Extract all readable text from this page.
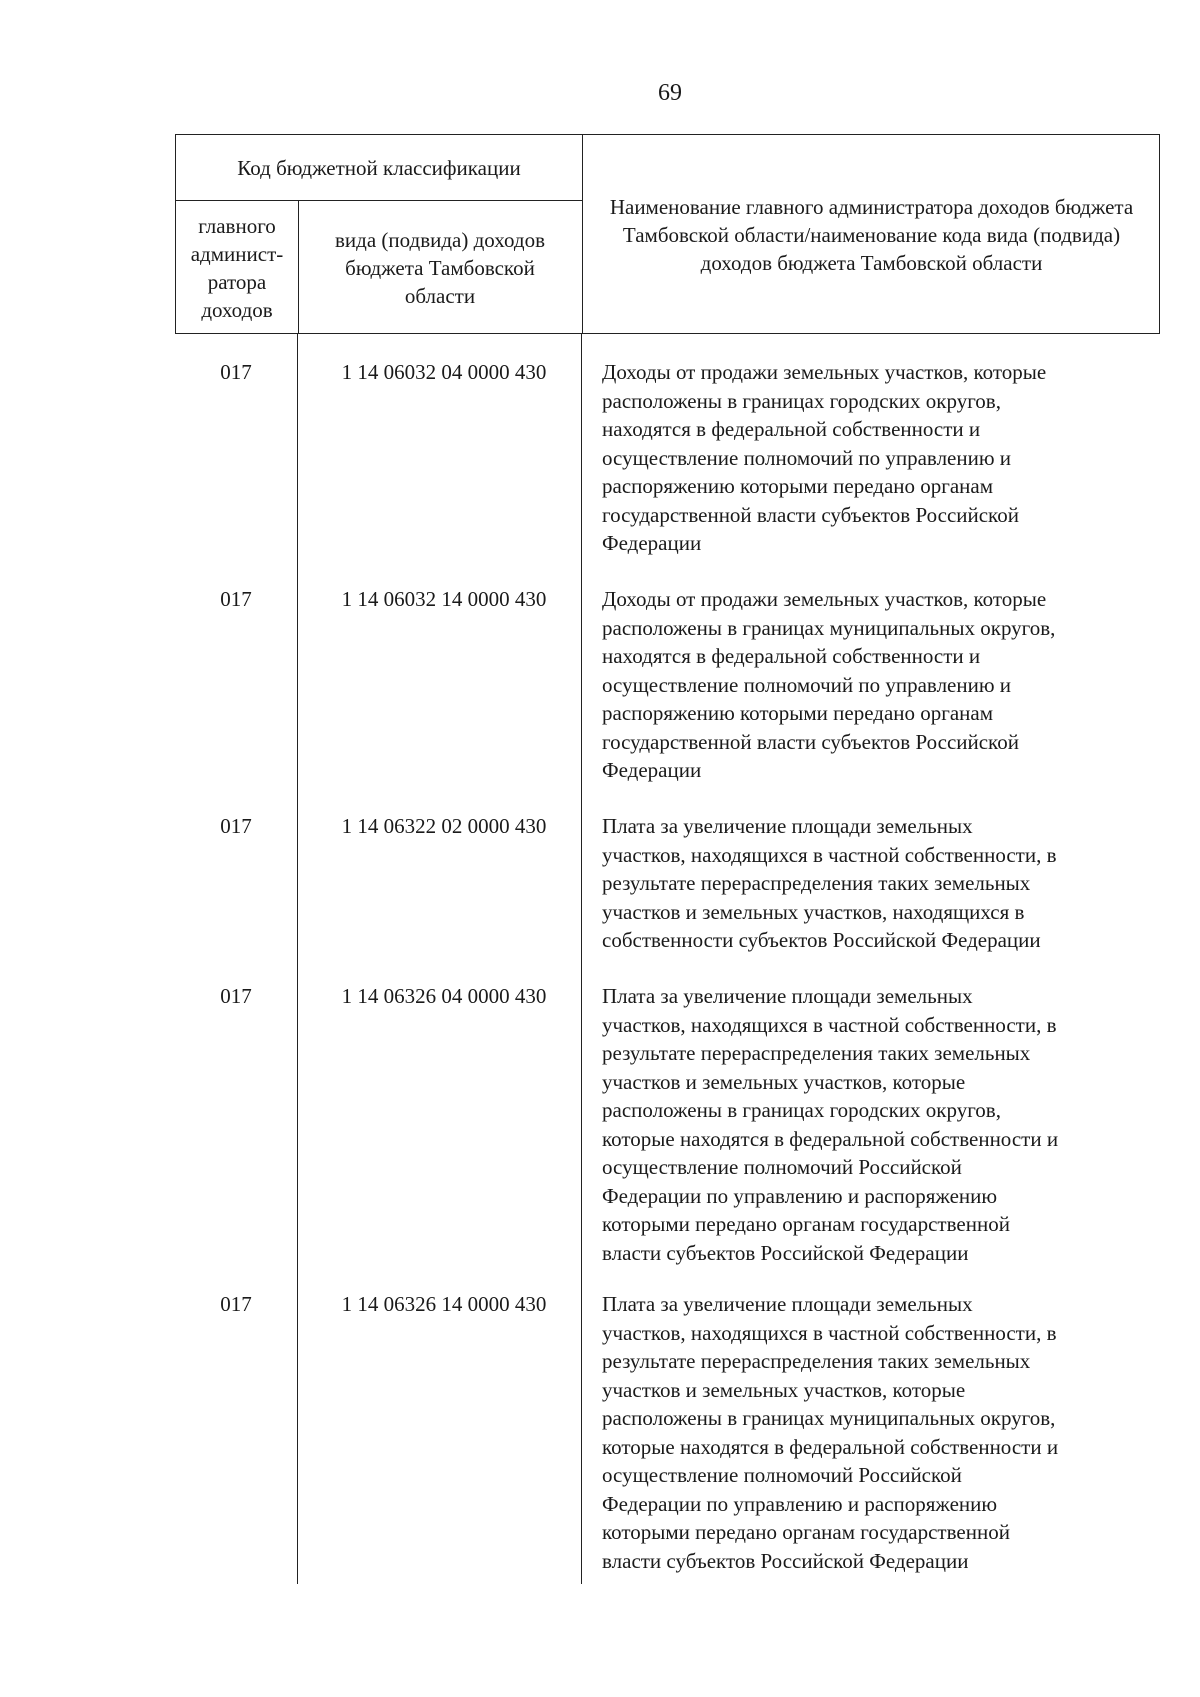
69
Код бюджетной классификации
главного админист-ратора доходов
вида (подвида) доходов бюджета Тамбовской области
Наименование главного администратора доходов бюджета Тамбовской области/наименование кода вида (подвида) доходов бюджета Тамбовской области
017	1 14 06032 04 0000 430	Доходы от продажи земельных участков, которые
расположены в границах городских округов,
находятся в федеральной собственности и
осуществление полномочий по управлению и
распоряжению которыми передано органам
государственной власти субъектов Российской
Федерации
017	1 14 06032 14 0000 430	Доходы от продажи земельных участков, которые
расположены в границах муниципальных округов,
находятся в федеральной собственности и
осуществление полномочий по управлению и
распоряжению которыми передано органам
государственной власти субъектов Российской
Федерации
017	1 14 06322 02 0000 430	Плата за увеличение площади земельных
участков, находящихся в частной собственности, в
результате перераспределения таких земельных
участков и земельных участков, находящихся в
собственности субъектов Российской Федерации
017	1 14 06326 04 0000 430	Плата за увеличение площади земельных
участков, находящихся в частной собственности, в
результате перераспределения таких земельных
участков и земельных участков, которые
расположены в границах городских округов,
которые находятся в федеральной собственности и
осуществление полномочий Российской
Федерации по управлению и распоряжению
которыми передано органам государственной
власти субъектов Российской Федерации
017	1 14 06326 14 0000 430	Плата за увеличение площади земельных
участков, находящихся в частной собственности, в
результате перераспределения таких земельных
участков и земельных участков, которые
расположены в границах муниципальных округов,
которые находятся в федеральной собственности и
осуществление полномочий Российской
Федерации по управлению и распоряжению
которыми передано органам государственной
власти субъектов Российской Федерации
